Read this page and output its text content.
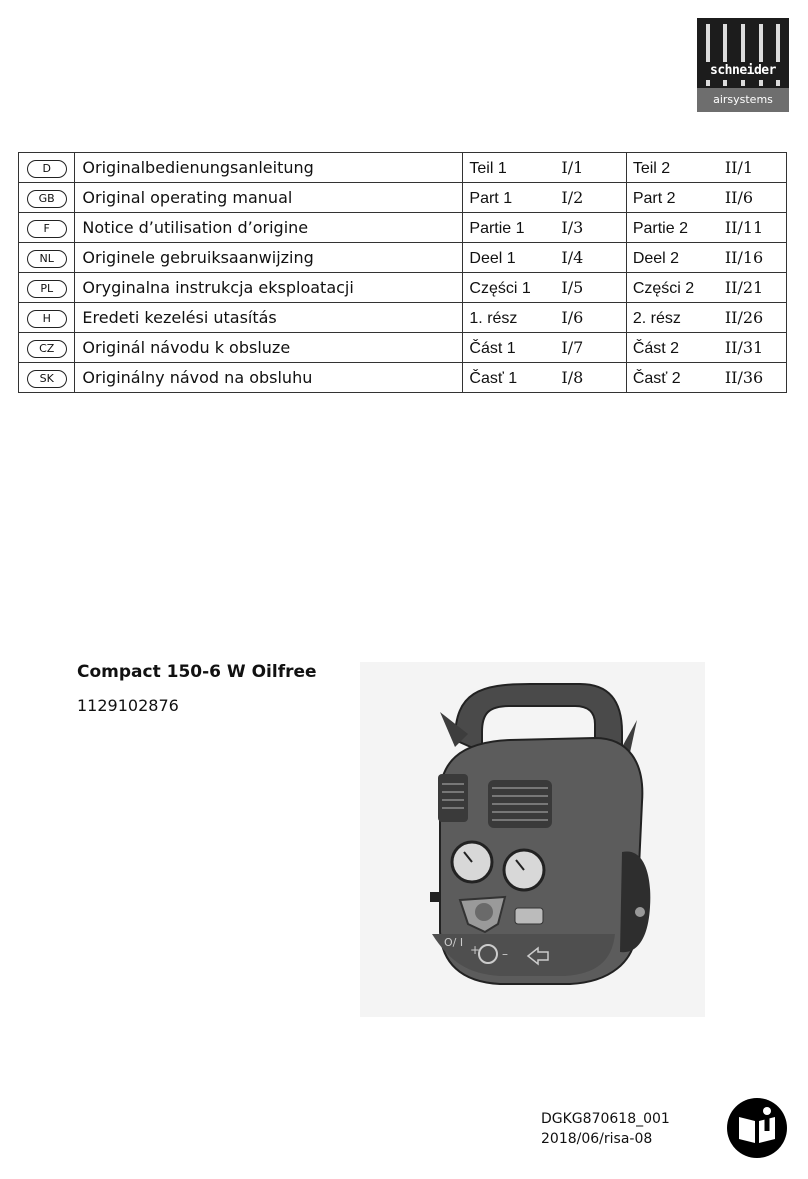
schneider
airsystems
D	Originalbedienungsanleitung	Teil 1 I/1	Teil 2 II/1
GB	Original operating manual	Part 1 I/2	Part 2 II/6
F	Notice d’utilisation d’origine	Partie 1 I/3	Partie 2 II/11
NL	Originele gebruiksaanwijzing	Deel 1 I/4	Deel 2 II/16
PL	Oryginalna instrukcja eksploatacji	Części 1 I/5	Części 2 II/21
H	Eredeti kezelési utasítás	1. rész I/6	2. rész II/26
CZ	Originál návodu k obsluze	Část 1 I/7	Část 2 II/31
SK	Originálny návod na obsluhu	Časť 1 I/8	Časť 2 II/36
Compact 150-6 W Oilfree
1129102876
O/ I
+ –
DGKG870618_001
2018/06/risa-08
